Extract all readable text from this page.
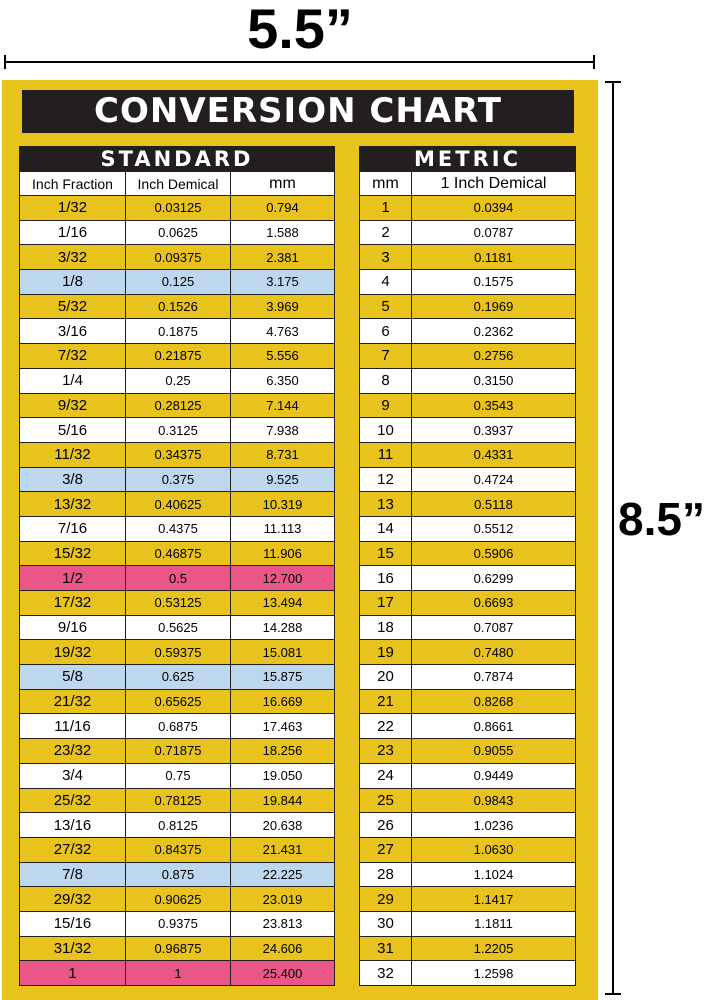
5.5”
8.5”
CONVERSION CHART
STANDARD		
Inch Fraction	Inch Demical	mm
1/32	0.03125	0.794
1/16	0.0625	1.588
3/32	0.09375	2.381
1/8	0.125	3.175
5/32	0.1526	3.969
3/16	0.1875	4.763
7/32	0.21875	5.556
1/4	0.25	6.350
9/32	0.28125	7.144
5/16	0.3125	7.938
11/32	0.34375	8.731
3/8	0.375	9.525
13/32	0.40625	10.319
7/16	0.4375	11.113
15/32	0.46875	11.906
1/2	0.5	12.700
17/32	0.53125	13.494
9/16	0.5625	14.288
19/32	0.59375	15.081
5/8	0.625	15.875
21/32	0.65625	16.669
11/16	0.6875	17.463
23/32	0.71875	18.256
3/4	0.75	19.050
25/32	0.78125	19.844
13/16	0.8125	20.638
27/32	0.84375	21.431
7/8	0.875	22.225
29/32	0.90625	23.019
15/16	0.9375	23.813
31/32	0.96875	24.606
1	1	25.400
METRIC	
mm	1 Inch Demical
1	0.0394
2	0.0787
3	0.1181
4	0.1575
5	0.1969
6	0.2362
7	0.2756
8	0.3150
9	0.3543
10	0.3937
11	0.4331
12	0.4724
13	0.5118
14	0.5512
15	0.5906
16	0.6299
17	0.6693
18	0.7087
19	0.7480
20	0.7874
21	0.8268
22	0.8661
23	0.9055
24	0.9449
25	0.9843
26	1.0236
27	1.0630
28	1.1024
29	1.1417
30	1.1811
31	1.2205
32	1.2598
